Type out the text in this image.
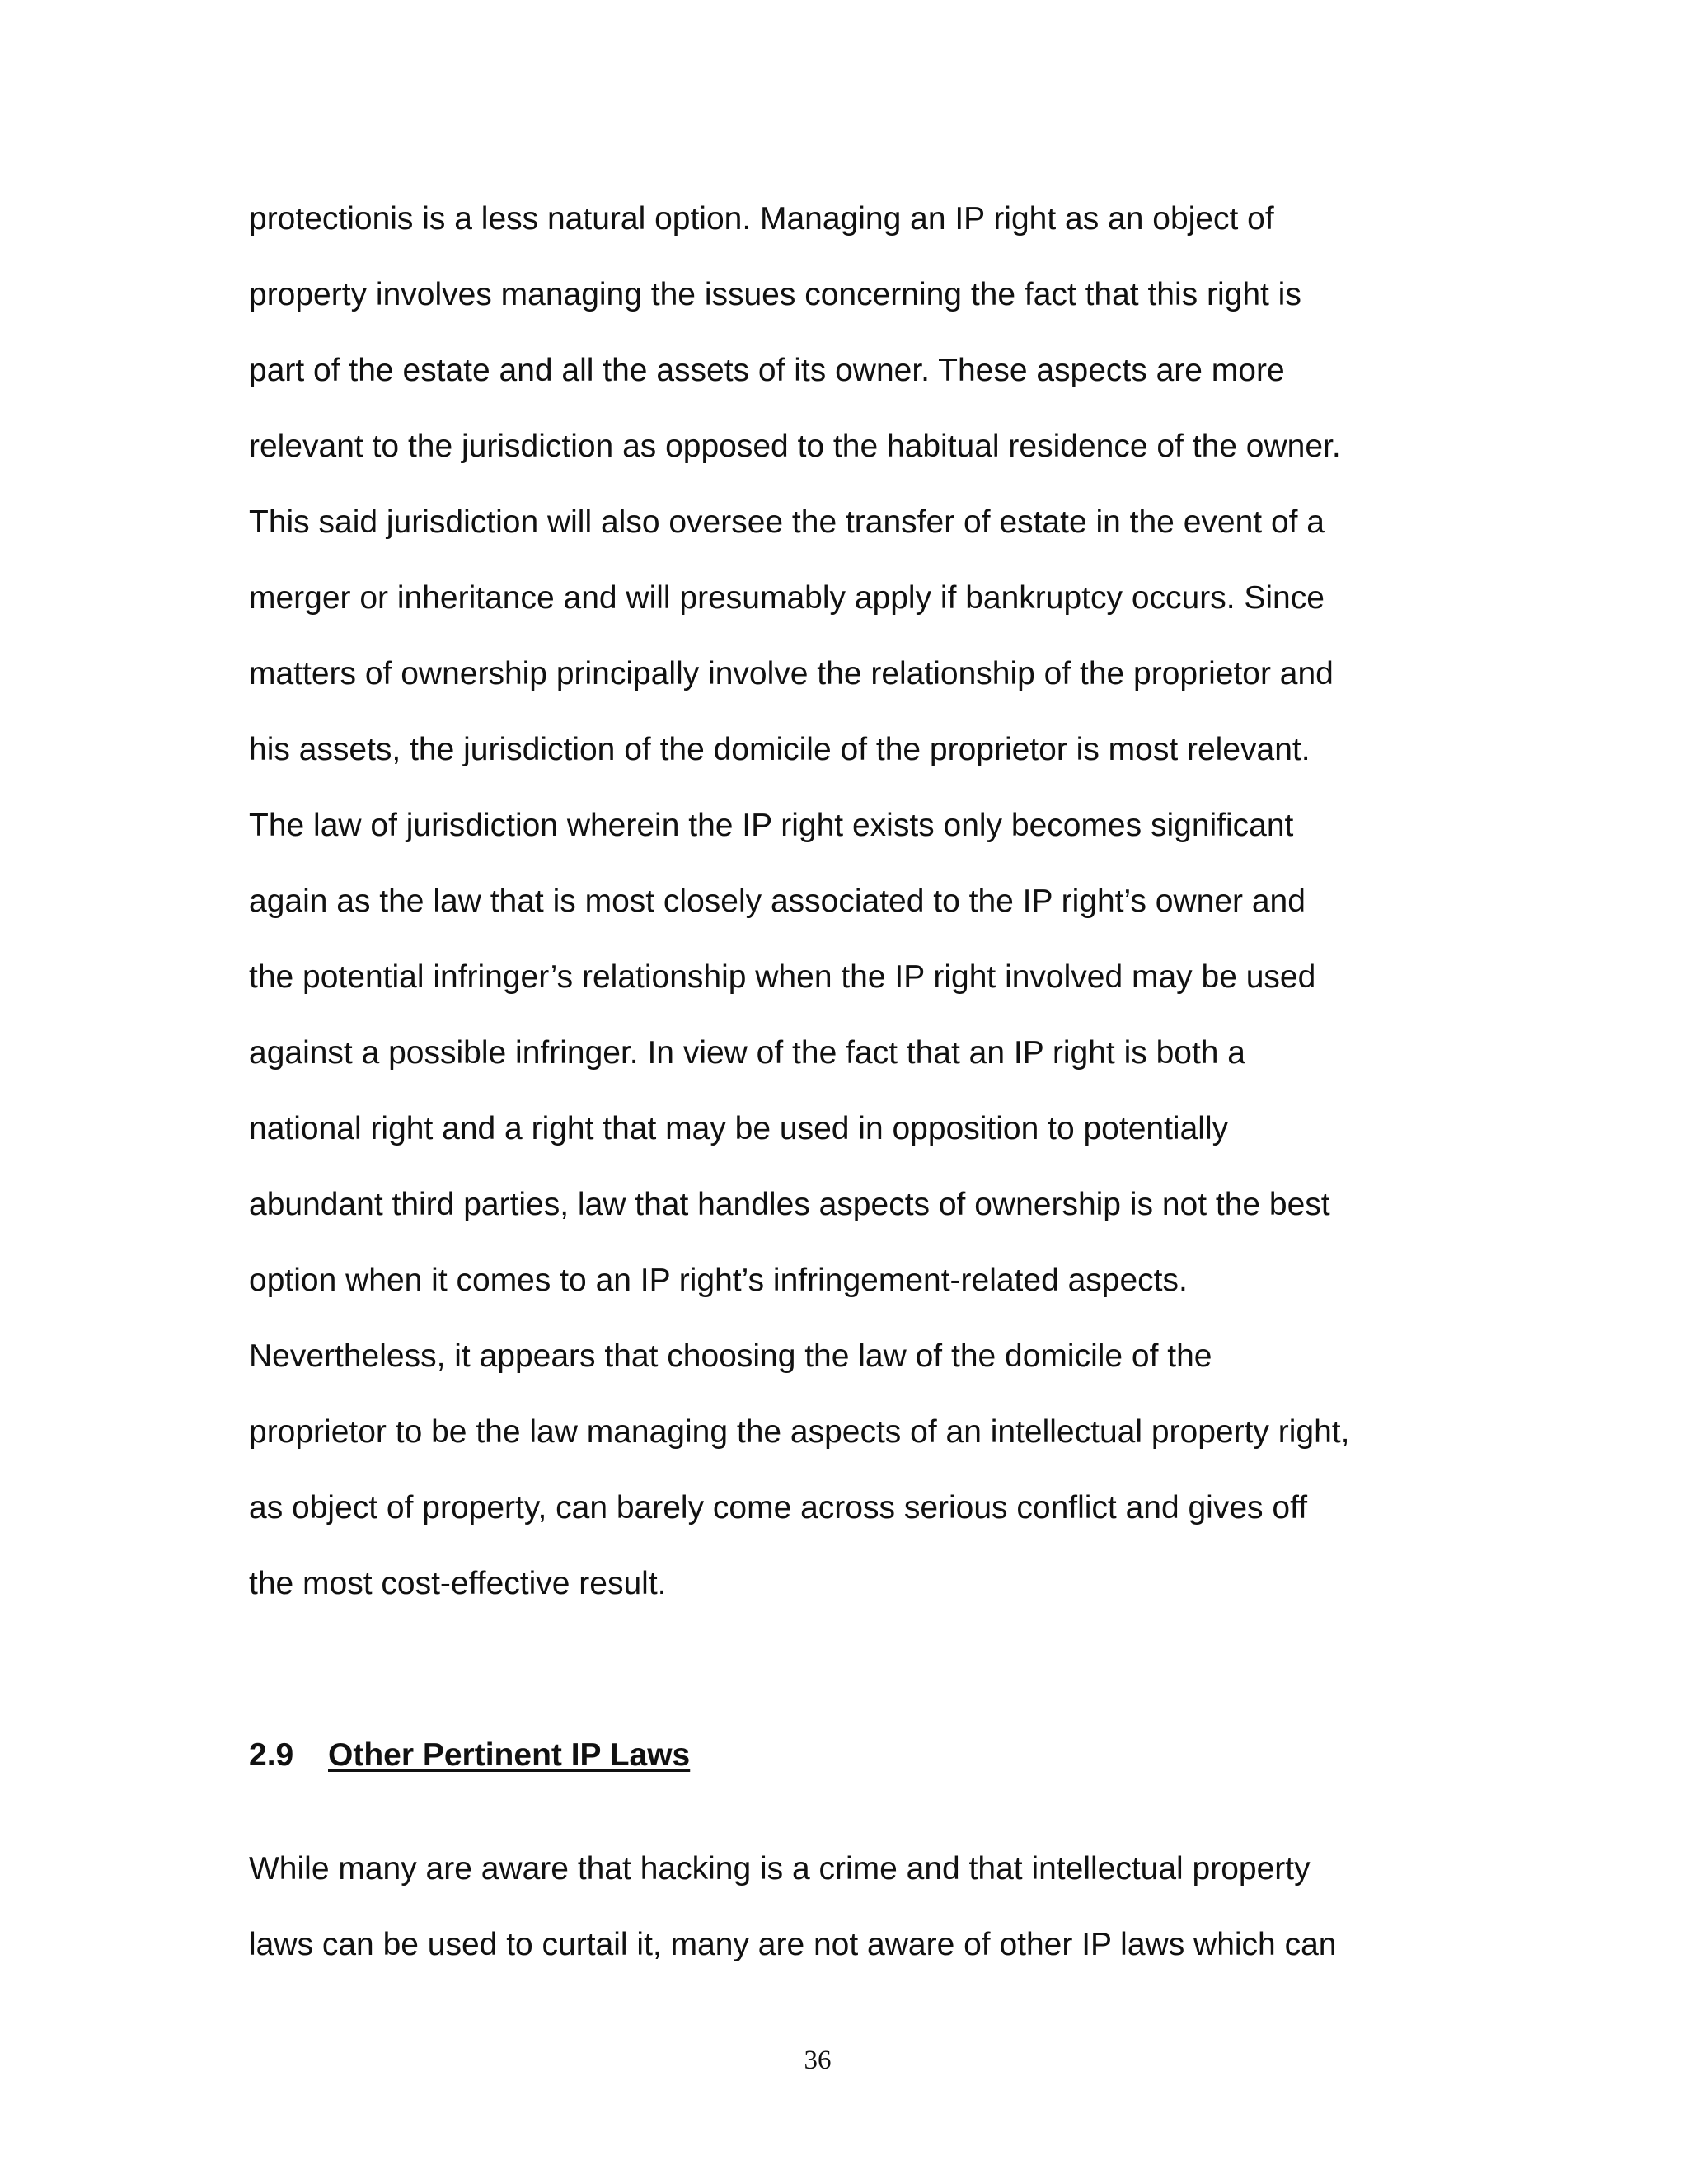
protectionis is a less natural option. Managing an IP right as an object of
property involves managing the issues concerning the fact that this right is
part of the estate and all the assets of its owner. These aspects are more
relevant to the jurisdiction as opposed to the habitual residence of the owner.
This said jurisdiction will also oversee the transfer of estate in the event of a
merger or inheritance and will presumably apply if bankruptcy occurs. Since
matters of ownership principally involve the relationship of the proprietor and
his assets, the jurisdiction of the domicile of the proprietor is most relevant.
The law of jurisdiction wherein the IP right exists only becomes significant
again as the law that is most closely associated to the IP right’s owner and
the potential infringer’s relationship when the IP right involved may be used
against a possible infringer. In view of the fact that an IP right is both a
national right and a right that may be used in opposition to potentially
abundant third parties, law that handles aspects of ownership is not the best
option when it comes to an IP right’s infringement-related aspects.
Nevertheless, it appears that choosing the law of the domicile of the
proprietor to be the law managing the aspects of an intellectual property right,
as object of property, can barely come across serious conflict and gives off
the most cost-effective result.
2.9 Other Pertinent IP Laws
While many are aware that hacking is a crime and that intellectual property
laws can be used to curtail it, many are not aware of other IP laws which can
36
